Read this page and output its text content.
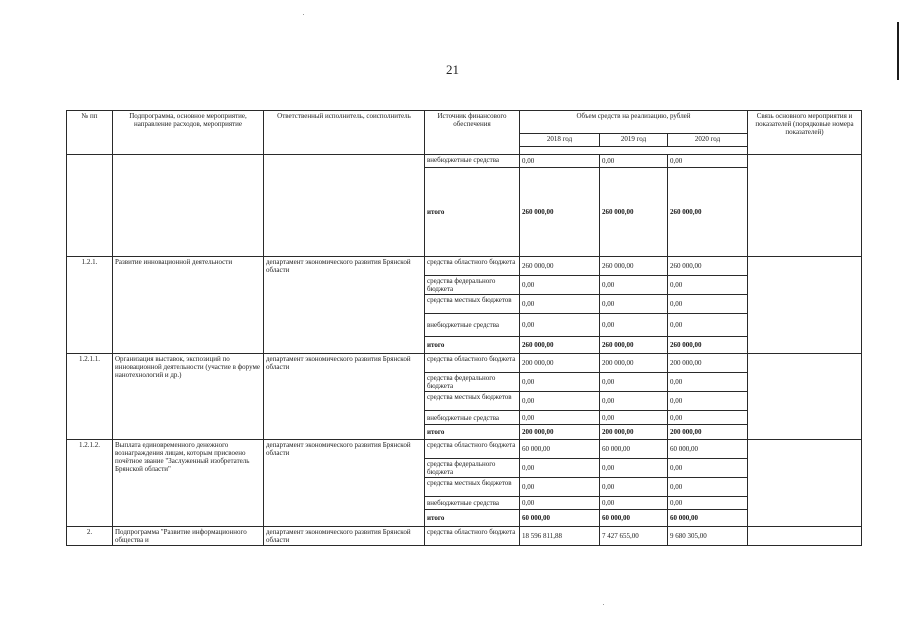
21
№ пп	Подпрограмма, основное мероприятие, направление расходов, мероприятие	Ответственный исполнитель, соисполнитель	Источник финансового обеспечения	Объем средств на реализацию, рублей			Связь основного мероприятия и показателей (порядковые номера показателей)
				2018 год	2019 год	2020 год	

			внебюджетные средства	0,00	0,00	0,00	
			итого	260 000,00	260 000,00	260 000,00	
1.2.1.	Развитие инновационной деятельности	департамент экономического развития Брянской области	средства областного бюджета	260 000,00	260 000,00	260 000,00	
			средства федерального бюджета	0,00	0,00	0,00	
			средства местных бюджетов	0,00	0,00	0,00	
			внебюджетные средства	0,00	0,00	0,00	
			итого	260 000,00	260 000,00	260 000,00	
1.2.1.1.	Организация выставок, экспозиций по инновационной деятельности (участие в форуме нанотехнологий и др.)	департамент экономического развития Брянской области	средства областного бюджета	200 000,00	200 000,00	200 000,00	
			средства федерального бюджета	0,00	0,00	0,00	
			средства местных бюджетов	0,00	0,00	0,00	
			внебюджетные средства	0,00	0,00	0,00	
			итого	200 000,00	200 000,00	200 000,00	
1.2.1.2.	Выплата единовременного денежного вознаграждения лицам, которым присвоено почётное звание "Заслуженный изобретатель Брянской области"	департамент экономического развития Брянской области	средства областного бюджета	60 000,00	60 000,00	60 000,00	
			средства федерального бюджета	0,00	0,00	0,00	
			средства местных бюджетов	0,00	0,00	0,00	
			внебюджетные средства	0,00	0,00	0,00	
			итого	60 000,00	60 000,00	60 000,00	
2.	Подпрограмма "Развитие информационного общества и	департамент экономического развития Брянской области	средства областного бюджета	18 596 811,88	7 427 655,00	9 680 305,00	
